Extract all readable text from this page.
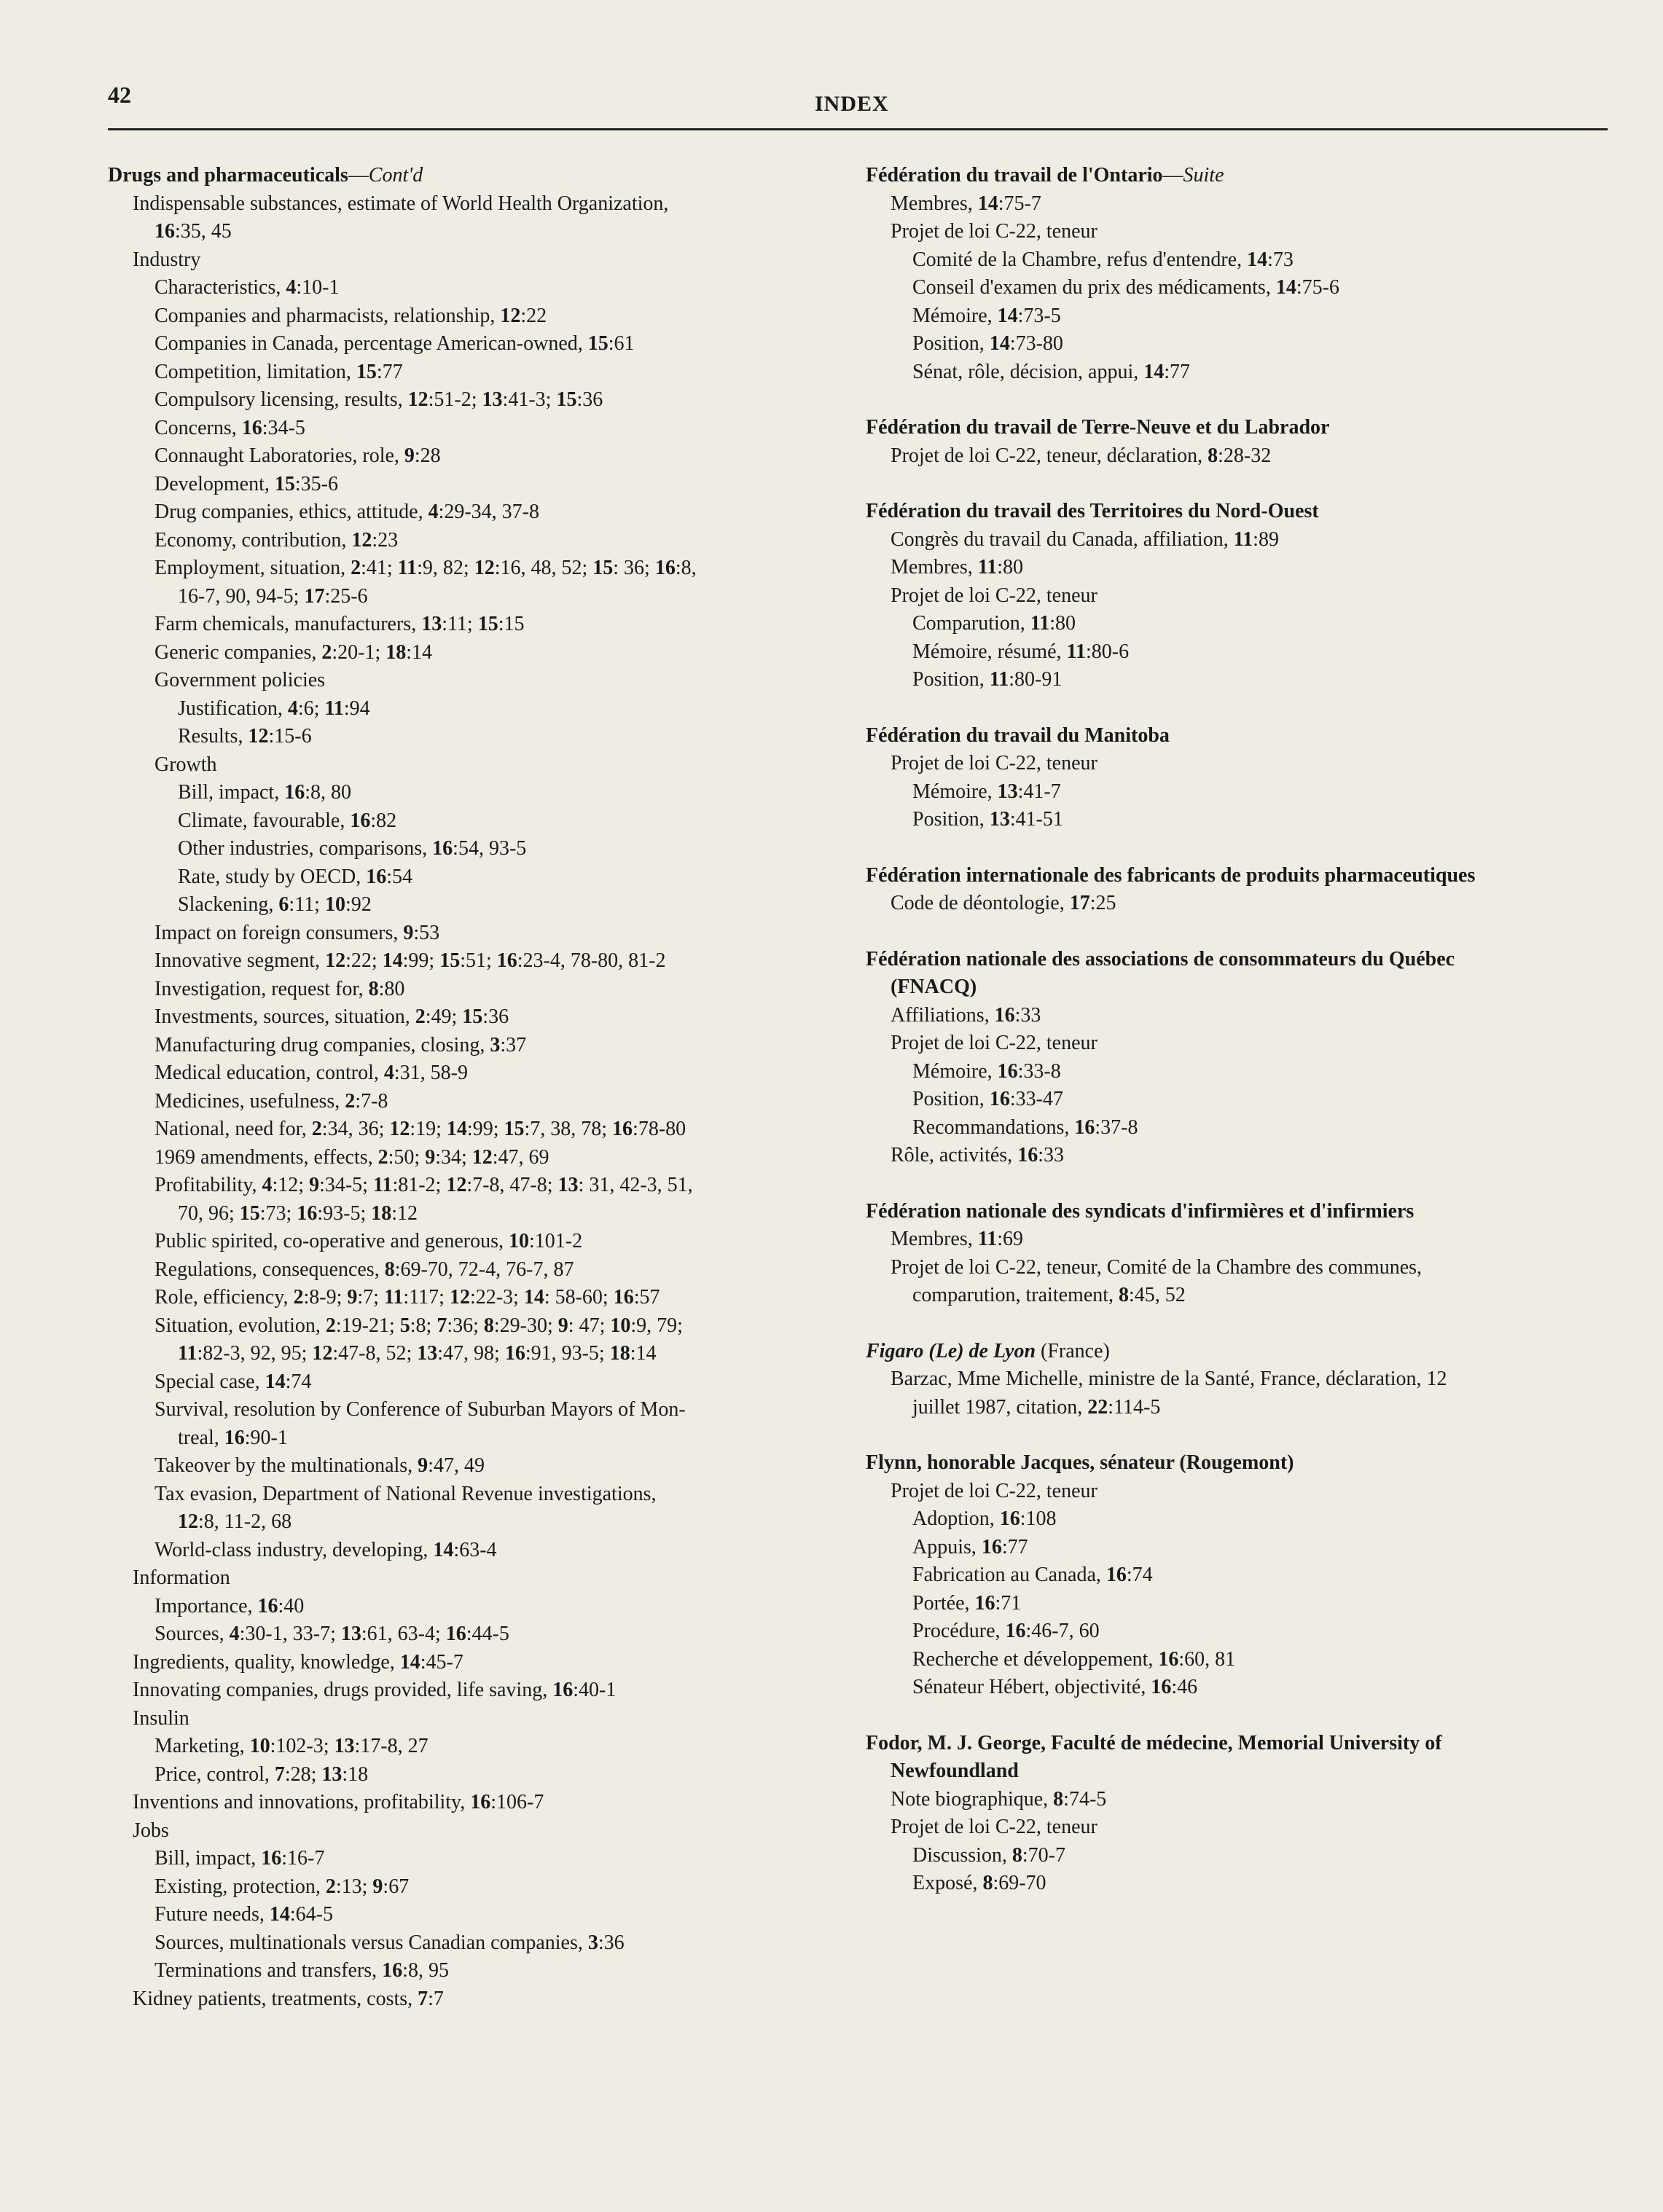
42	INDEX
Drugs and pharmaceuticals—Cont'd
Indispensable substances, estimate of World Health Organization,
16:35, 45
Industry
Characteristics, 4:10-1
Companies and pharmacists, relationship, 12:22
Companies in Canada, percentage American-owned, 15:61
Competition, limitation, 15:77
Compulsory licensing, results, 12:51-2; 13:41-3; 15:36
Concerns, 16:34-5
Connaught Laboratories, role, 9:28
Development, 15:35-6
Drug companies, ethics, attitude, 4:29-34, 37-8
Economy, contribution, 12:23
Employment, situation, 2:41; 11:9, 82; 12:16, 48, 52; 15: 36; 16:8,
16-7, 90, 94-5; 17:25-6
Farm chemicals, manufacturers, 13:11; 15:15
Generic companies, 2:20-1; 18:14
Government policies
Justification, 4:6; 11:94
Results, 12:15-6
Growth
Bill, impact, 16:8, 80
Climate, favourable, 16:82
Other industries, comparisons, 16:54, 93-5
Rate, study by OECD, 16:54
Slackening, 6:11; 10:92
Impact on foreign consumers, 9:53
Innovative segment, 12:22; 14:99; 15:51; 16:23-4, 78-80, 81-2
Investigation, request for, 8:80
Investments, sources, situation, 2:49; 15:36
Manufacturing drug companies, closing, 3:37
Medical education, control, 4:31, 58-9
Medicines, usefulness, 2:7-8
National, need for, 2:34, 36; 12:19; 14:99; 15:7, 38, 78; 16:78-80
1969 amendments, effects, 2:50; 9:34; 12:47, 69
Profitability, 4:12; 9:34-5; 11:81-2; 12:7-8, 47-8; 13: 31, 42-3, 51,
70, 96; 15:73; 16:93-5; 18:12
Public spirited, co-operative and generous, 10:101-2
Regulations, consequences, 8:69-70, 72-4, 76-7, 87
Role, efficiency, 2:8-9; 9:7; 11:117; 12:22-3; 14: 58-60; 16:57
Situation, evolution, 2:19-21; 5:8; 7:36; 8:29-30; 9: 47; 10:9, 79;
11:82-3, 92, 95; 12:47-8, 52; 13:47, 98; 16:91, 93-5; 18:14
Special case, 14:74
Survival, resolution by Conference of Suburban Mayors of Mon-
treal, 16:90-1
Takeover by the multinationals, 9:47, 49
Tax evasion, Department of National Revenue investigations,
12:8, 11-2, 68
World-class industry, developing, 14:63-4
Information
Importance, 16:40
Sources, 4:30-1, 33-7; 13:61, 63-4; 16:44-5
Ingredients, quality, knowledge, 14:45-7
Innovating companies, drugs provided, life saving, 16:40-1
Insulin
Marketing, 10:102-3; 13:17-8, 27
Price, control, 7:28; 13:18
Inventions and innovations, profitability, 16:106-7
Jobs
Bill, impact, 16:16-7
Existing, protection, 2:13; 9:67
Future needs, 14:64-5
Sources, multinationals versus Canadian companies, 3:36
Terminations and transfers, 16:8, 95
Kidney patients, treatments, costs, 7:7
Fédération du travail de l'Ontario—Suite
Membres, 14:75-7
Projet de loi C-22, teneur
Comité de la Chambre, refus d'entendre, 14:73
Conseil d'examen du prix des médicaments, 14:75-6
Mémoire, 14:73-5
Position, 14:73-80
Sénat, rôle, décision, appui, 14:77
Fédération du travail de Terre-Neuve et du Labrador
Projet de loi C-22, teneur, déclaration, 8:28-32
Fédération du travail des Territoires du Nord-Ouest
Congrès du travail du Canada, affiliation, 11:89
Membres, 11:80
Projet de loi C-22, teneur
Comparution, 11:80
Mémoire, résumé, 11:80-6
Position, 11:80-91
Fédération du travail du Manitoba
Projet de loi C-22, teneur
Mémoire, 13:41-7
Position, 13:41-51
Fédération internationale des fabricants de produits pharmaceutiques
Code de déontologie, 17:25
Fédération nationale des associations de consommateurs du Québec
(FNACQ)
Affiliations, 16:33
Projet de loi C-22, teneur
Mémoire, 16:33-8
Position, 16:33-47
Recommandations, 16:37-8
Rôle, activités, 16:33
Fédération nationale des syndicats d'infirmières et d'infirmiers
Membres, 11:69
Projet de loi C-22, teneur, Comité de la Chambre des communes,
comparution, traitement, 8:45, 52
Figaro (Le) de Lyon (France)
Barzac, Mme Michelle, ministre de la Santé, France, déclaration, 12
juillet 1987, citation, 22:114-5
Flynn, honorable Jacques, sénateur (Rougemont)
Projet de loi C-22, teneur
Adoption, 16:108
Appuis, 16:77
Fabrication au Canada, 16:74
Portée, 16:71
Procédure, 16:46-7, 60
Recherche et développement, 16:60, 81
Sénateur Hébert, objectivité, 16:46
Fodor, M. J. George, Faculté de médecine, Memorial University of
Newfoundland
Note biographique, 8:74-5
Projet de loi C-22, teneur
Discussion, 8:70-7
Exposé, 8:69-70
